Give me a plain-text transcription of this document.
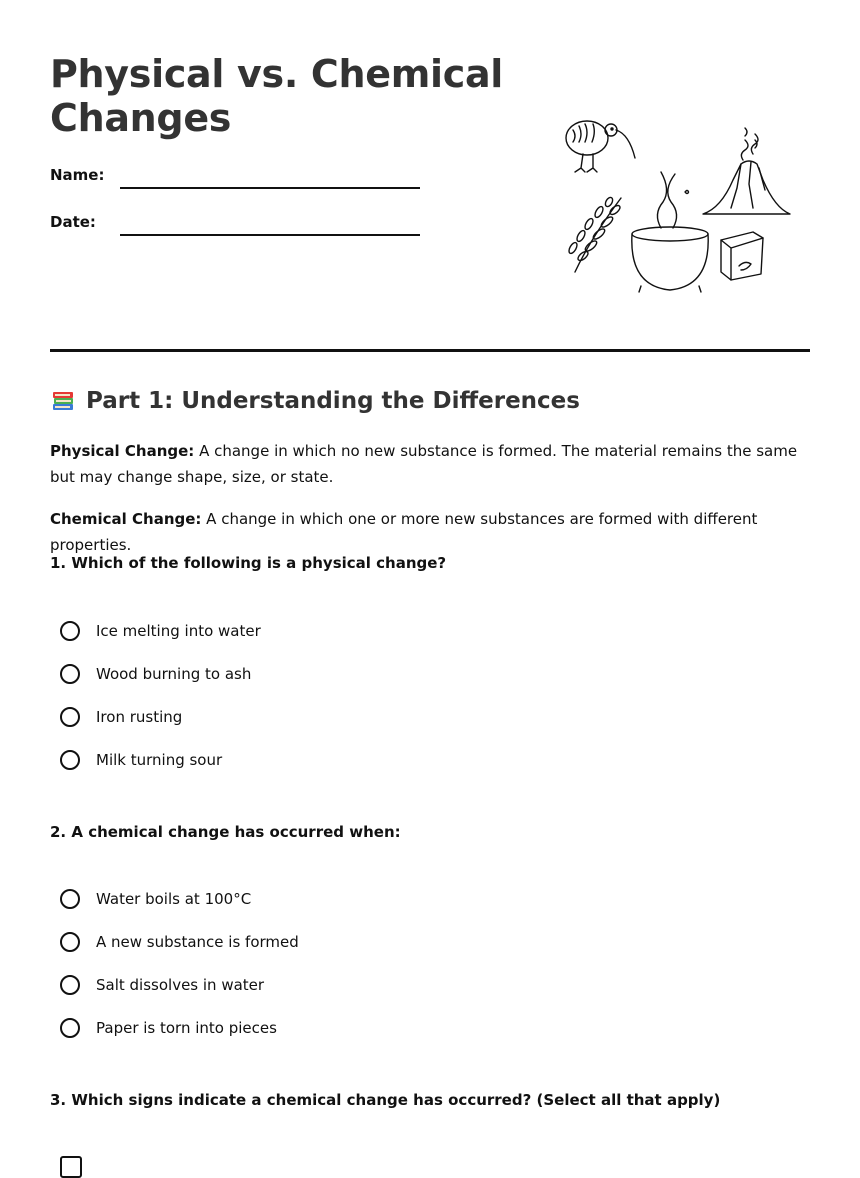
Physical vs. Chemical Changes
Name:
Date:
Part 1: Understanding the Differences

Physical Change: A change in which no new substance is formed. The material remains the same but may change shape, size, or state.

Chemical Change: A change in which one or more new substances are formed with different properties.

1. Which of the following is a physical change?

Ice melting into water
Wood burning to ash
Iron rusting
Milk turning sour

2. A chemical change has occurred when:

Water boils at 100°C
A new substance is formed
Salt dissolves in water
Paper is torn into pieces

3. Which signs indicate a chemical change has occurred? (Select all that apply)
